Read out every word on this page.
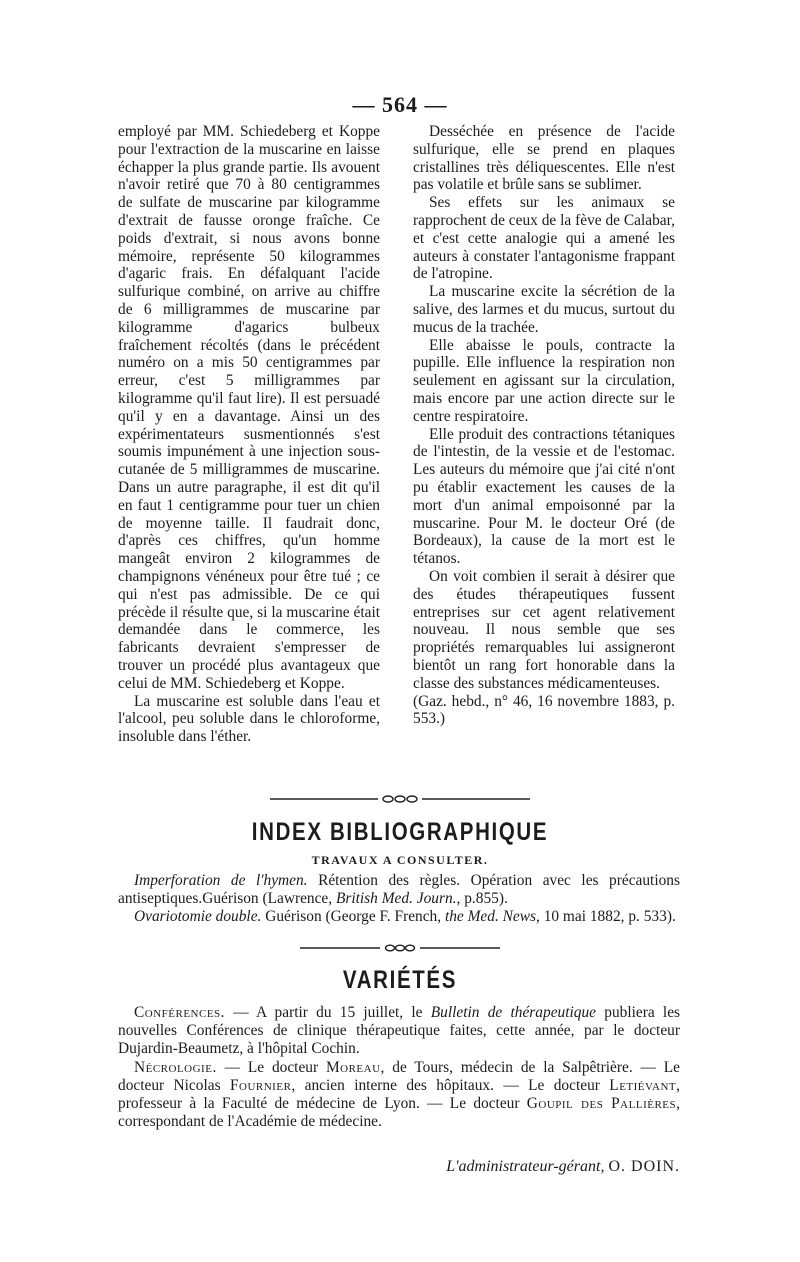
— 564 —

employé par MM. Schiedeberg et Koppe pour l'extraction de la muscarine en laisse échapper la plus grande partie. Ils avouent n'avoir retiré que 70 à 80 centigrammes de sulfate de muscarine par kilogramme d'extrait de fausse oronge fraîche. Ce poids d'extrait, si nous avons bonne mémoire, représente 50 kilogrammes d'agaric frais. En défalquant l'acide sulfurique combiné, on arrive au chiffre de 6 milligrammes de muscarine par kilogramme d'agarics bulbeux fraîchement récoltés (dans le précédent numéro on a mis 50 centigrammes par erreur, c'est 5 milligrammes par kilogramme qu'il faut lire). Il est persuadé qu'il y en a davantage. Ainsi un des expérimentateurs susmentionnés s'est soumis impunément à une injection sous-cutanée de 5 milligrammes de muscarine. Dans un autre paragraphe, il est dit qu'il en faut 1 centigramme pour tuer un chien de moyenne taille. Il faudrait donc, d'après ces chiffres, qu'un homme mangeât environ 2 kilogrammes de champignons vénéneux pour être tué ; ce qui n'est pas admissible. De ce qui précède il résulte que, si la muscarine était demandée dans le commerce, les fabricants devraient s'empresser de trouver un procédé plus avantageux que celui de MM. Schiedeberg et Koppe.

La muscarine est soluble dans l'eau et l'alcool, peu soluble dans le chloroforme, insoluble dans l'éther.

Desséchée en présence de l'acide sulfurique, elle se prend en plaques cristallines très déliquescentes. Elle n'est pas volatile et brûle sans se sublimer.

Ses effets sur les animaux se rapprochent de ceux de la fève de Calabar, et c'est cette analogie qui a amené les auteurs à constater l'antagonisme frappant de l'atropine.

La muscarine excite la sécrétion de la salive, des larmes et du mucus, surtout du mucus de la trachée.

Elle abaisse le pouls, contracte la pupille. Elle influence la respiration non seulement en agissant sur la circulation, mais encore par une action directe sur le centre respiratoire.

Elle produit des contractions tétaniques de l'intestin, de la vessie et de l'estomac. Les auteurs du mémoire que j'ai cité n'ont pu établir exactement les causes de la mort d'un animal empoisonné par la muscarine. Pour M. le docteur Oré (de Bordeaux), la cause de la mort est le tétanos.

On voit combien il serait à désirer que des études thérapeutiques fussent entreprises sur cet agent relativement nouveau. Il nous semble que ses propriétés remarquables lui assigneront bientôt un rang fort honorable dans la classe des substances médicamenteuses.

(Gaz. hebd., n° 46, 16 novembre 1883, p. 553.)

INDEX BIBLIOGRAPHIQUE
TRAVAUX A CONSULTER.

Imperforation de l'hymen. Rétention des règles. Opération avec les précautions antiseptiques.Guérison (Lawrence, British Med. Journ., p.855).

Ovariotomie double. Guérison (George F. French, the Med. News, 10 mai 1882, p. 533).

VARIÉTÉS

Conférences. — A partir du 15 juillet, le Bulletin de thérapeutique publiera les nouvelles Conférences de clinique thérapeutique faites, cette année, par le docteur Dujardin-Beaumetz, à l'hôpital Cochin.

Nécrologie. — Le docteur Moreau, de Tours, médecin de la Salpêtrière. — Le docteur Nicolas Fournier, ancien interne des hôpitaux. — Le docteur Letiévant, professeur à la Faculté de médecine de Lyon. — Le docteur Goupil des Pallières, correspondant de l'Académie de médecine.

L'administrateur-gérant, O. DOIN.
